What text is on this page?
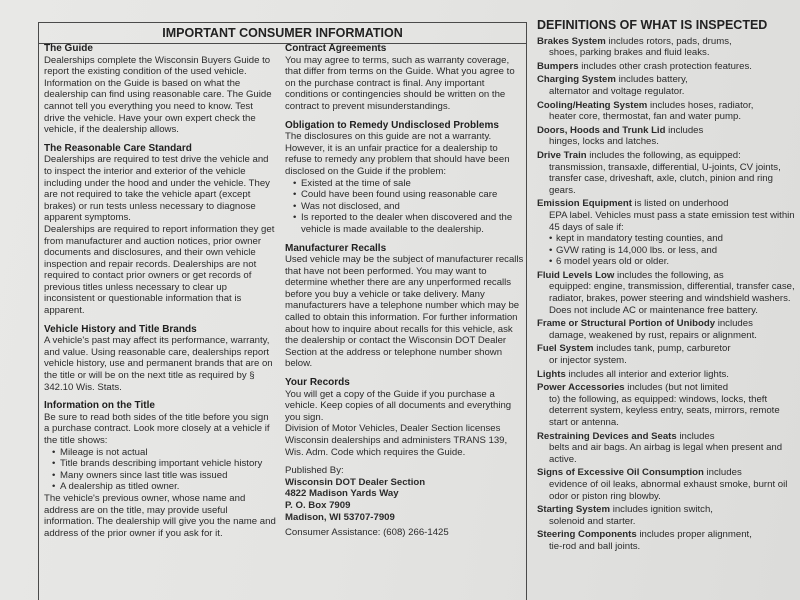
IMPORTANT CONSUMER INFORMATION

The Guide

Dealerships complete the Wisconsin Buyers Guide to report the existing condition of the used vehicle. Information on the Guide is based on what the dealership can find using reasonable care. The Guide cannot tell you everything you need to know. Test drive the vehicle. Have your own expert check the vehicle, if the dealership allows.

The Reasonable Care Standard

Dealerships are required to test drive the vehicle and to inspect the interior and exterior of the vehicle including under the hood and under the vehicle. They are not required to take the vehicle apart (except brakes) or run tests unless necessary to diagnose apparent symptoms.

Dealerships are required to report information they get from manufacturer and auction notices, prior owner documents and disclosures, and their own vehicle inspection and repair records. Dealerships are not required to contact prior owners or get records of previous titles unless necessary to clear up inconsistent or questionable information that is apparent.

Vehicle History and Title Brands

A vehicle's past may affect its performance, warranty, and value. Using reasonable care, dealerships report vehicle history, use and permanent brands that are on the title or will be on the next title as required by § 342.10 Wis. Stats.

Information on the Title

Be sure to read both sides of the title before you sign a purchase contract. Look more closely at a vehicle if the title shows:

• Mileage is not actual
• Title brands describing important vehicle history
• Many owners since last title was issued
• A dealership as titled owner.

The vehicle's previous owner, whose name and address are on the title, may provide useful information. The dealership will give you the name and address of the prior owner if you ask for it.

Contract Agreements

You may agree to terms, such as warranty coverage, that differ from terms on the Guide. What you agree to on the purchase contract is final. Any important conditions or contingencies should be written on the contract to prevent misunderstandings.

Obligation to Remedy Undisclosed Problems

The disclosures on this guide are not a warranty. However, it is an unfair practice for a dealership to refuse to remedy any problem that should have been disclosed on the Guide if the problem:

• Existed at the time of sale
• Could have been found using reasonable care
• Was not disclosed, and
• Is reported to the dealer when discovered and the vehicle is made available to the dealership.

Manufacturer Recalls

Used vehicle may be the subject of manufacturer recalls that have not been performed. You may want to determine whether there are any unperformed recalls before you buy a vehicle or take delivery. Many manufacturers have a telephone number which may be called to obtain this information. For further information about how to inquire about recalls for this vehicle, ask the dealership or contact the Wisconsin DOT Dealer Section at the address or telephone number shown below.

Your Records

You will get a copy of the Guide if you purchase a vehicle. Keep copies of all documents and everything you sign.

Division of Motor Vehicles, Dealer Section licenses Wisconsin dealerships and administers TRANS 139, Wis. Adm. Code which requires the Guide.

Published By:

Wisconsin DOT Dealer Section

4822 Madison Yards Way

P. O. Box 7909

Madison, WI 53707-7909

Consumer Assistance: (608) 266-1425

DEFINITIONS OF WHAT IS INSPECTED

Brakes System includes rotors, pads, drums,
shoes, parking brakes and fluid leaks.

Bumpers includes other crash protection features.

Charging System includes battery,
alternator and voltage regulator.

Cooling/Heating System includes hoses, radiator,
heater core, thermostat, fan and water pump.

Doors, Hoods and Trunk Lid includes
hinges, locks and latches.

Drive Train includes the following, as equipped:
transmission, transaxle, differential, U-joints, CV joints, transfer case, driveshaft, axle, clutch, pinion and ring gears.

Emission Equipment is listed on underhood
EPA label. Vehicles must pass a state emission test within 45 days of sale if:
• kept in mandatory testing counties, and
• GVW rating is 14,000 lbs. or less, and
• 6 model years old or older.

Fluid Levels Low includes the following, as
equipped: engine, transmission, differential, transfer case, radiator, brakes, power steering and windshield washers. Does not include AC or maintenance free battery.

Frame or Structural Portion of Unibody includes
damage, weakened by rust, repairs or alignment.

Fuel System includes tank, pump, carburetor
or injector system.

Lights includes all interior and exterior lights.

Power Accessories includes (but not limited
to) the following, as equipped: windows, locks, theft deterrent system, keyless entry, seats, mirrors, remote start or antenna.

Restraining Devices and Seats includes
belts and air bags. An airbag is legal when present and active.

Signs of Excessive Oil Consumption includes
evidence of oil leaks, abnormal exhaust smoke, burnt oil odor or piston ring blowby.

Starting System includes ignition switch,
solenoid and starter.

Steering Components includes proper alignment,
tie-rod and ball joints.
